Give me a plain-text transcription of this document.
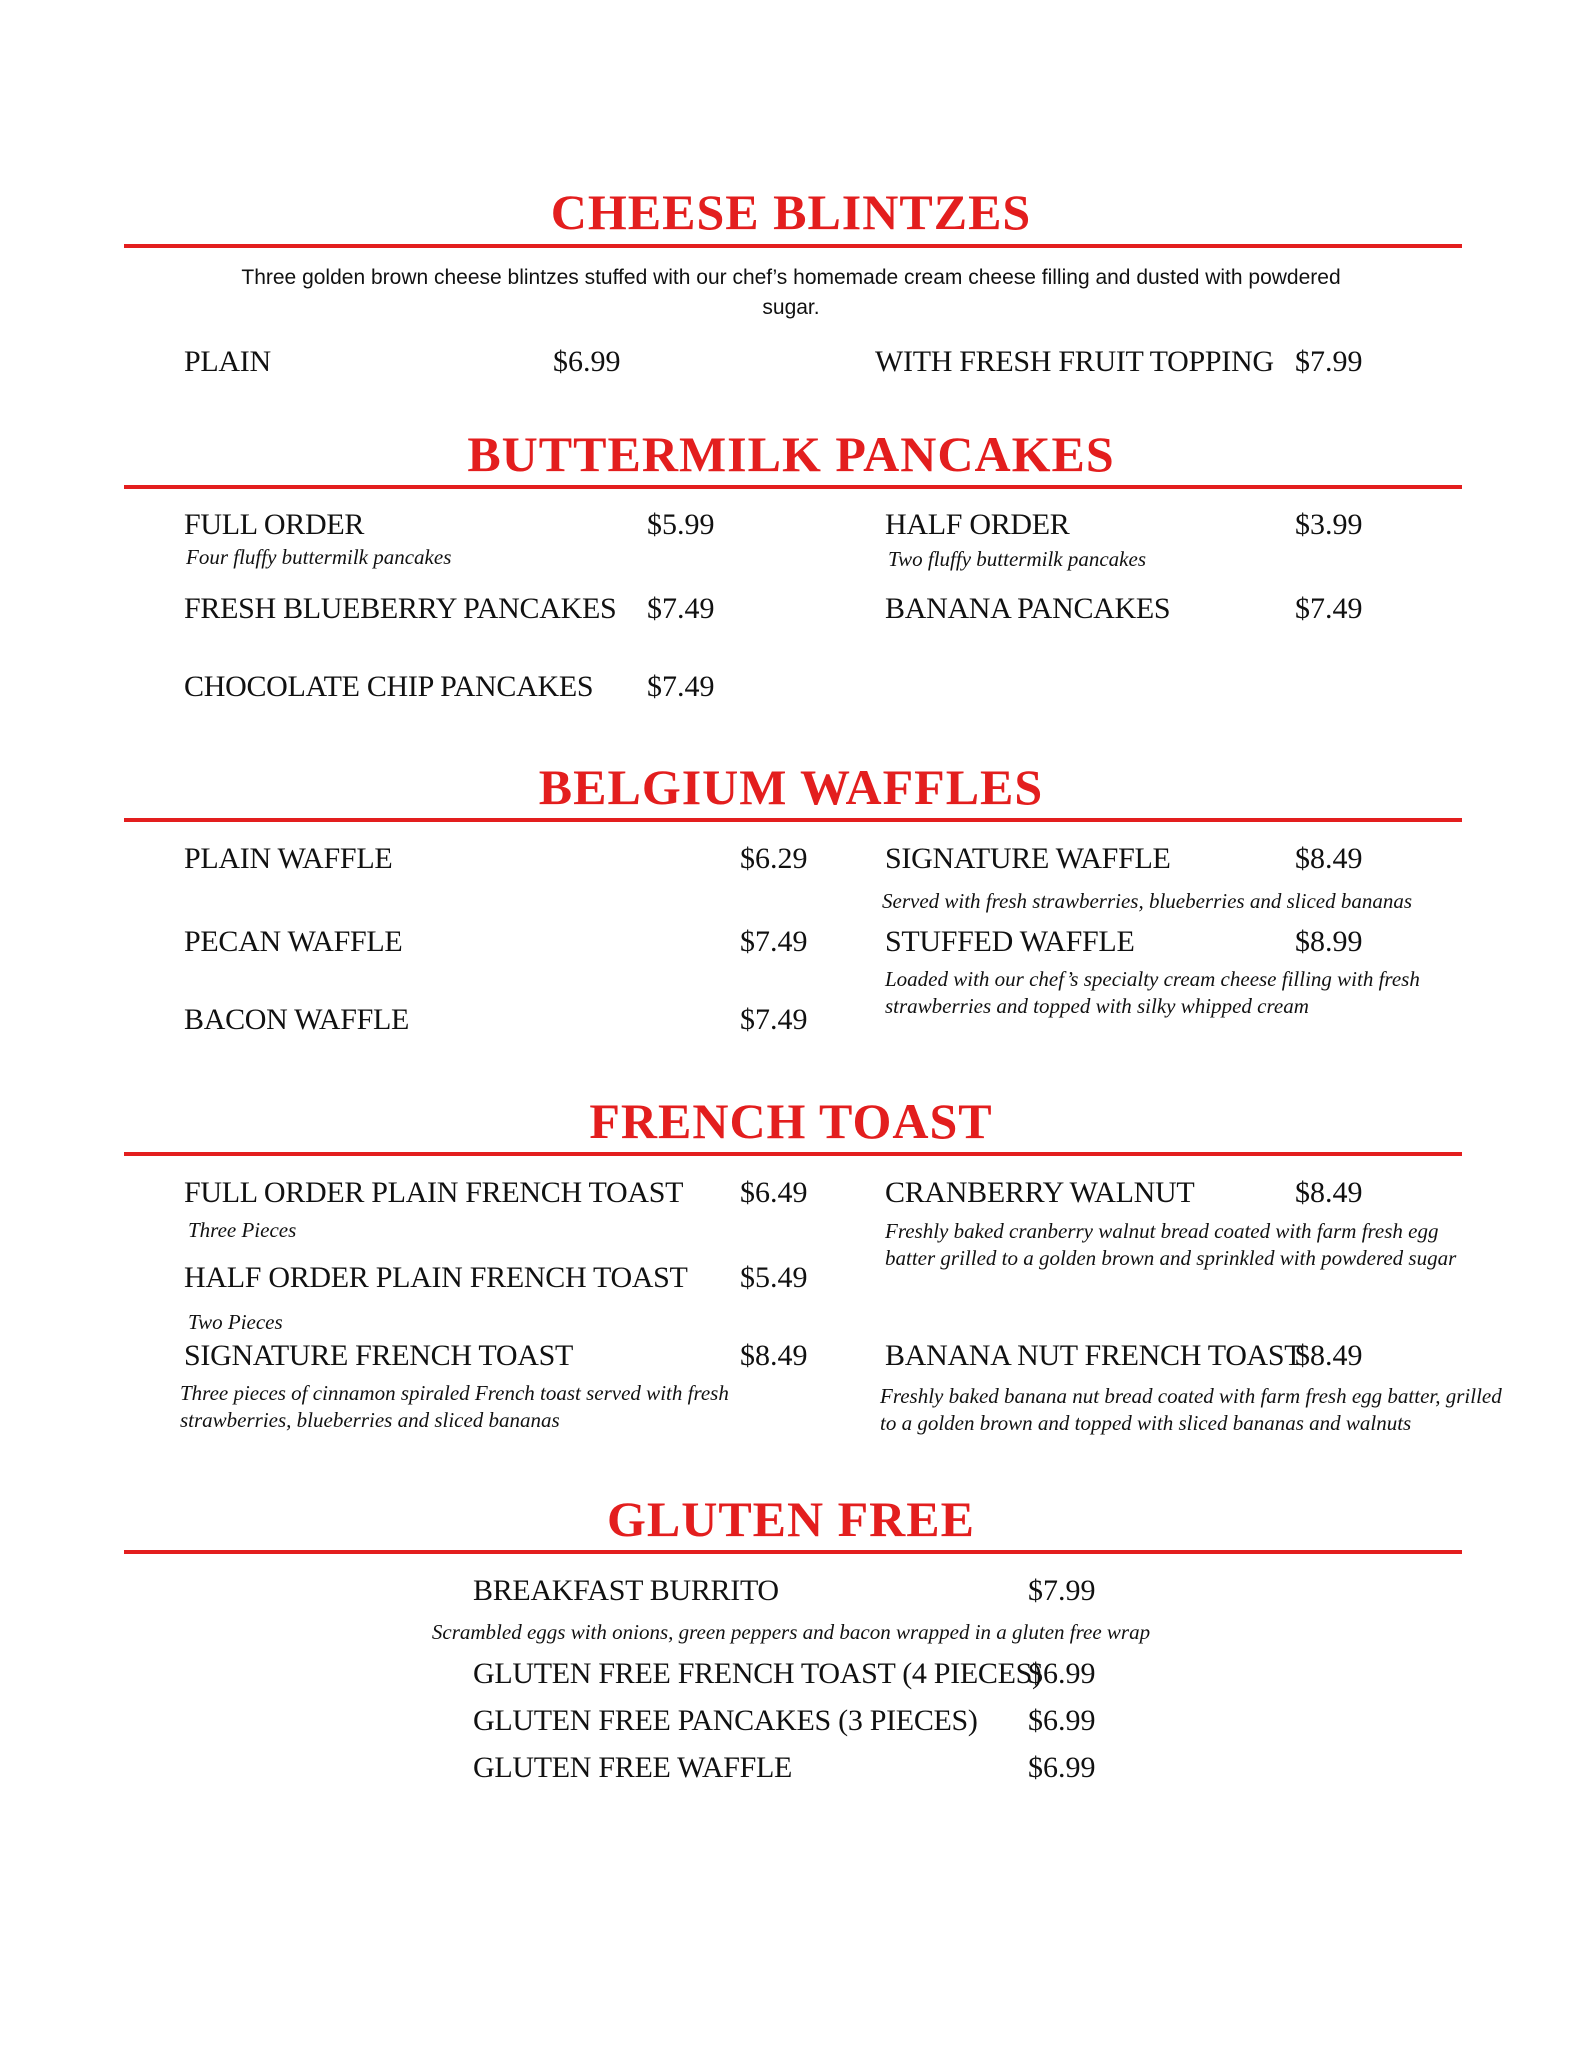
CHEESE BLINTZES
Three golden brown cheese blintzes stuffed with our chef’s homemade cream cheese filling and dusted with powdered sugar.
PLAIN	$6.99	WITH FRESH FRUIT TOPPING $7.99
BUTTERMILK PANCAKES
FULL ORDER	$5.99
Four fluffy buttermilk pancakes
HALF ORDER	$3.99
Two fluffy buttermilk pancakes
FRESH BLUEBERRY PANCAKES $7.49	BANANA PANCAKES	$7.49
CHOCOLATE CHIP PANCAKES $7.49
BELGIUM WAFFLES
PLAIN WAFFLE	$6.29	SIGNATURE WAFFLE	$8.49
Served with fresh strawberries, blueberries and sliced bananas
PECAN WAFFLE	$7.49	STUFFED WAFFLE	$8.99
Loaded with our chef’s specialty cream cheese filling with fresh strawberries and topped with silky whipped cream
BACON WAFFLE	$7.49
FRENCH TOAST
FULL ORDER PLAIN FRENCH TOAST $6.49
Three Pieces
CRANBERRY WALNUT	$8.49
Freshly baked cranberry walnut bread coated with farm fresh egg batter grilled to a golden brown and sprinkled with powdered sugar
HALF ORDER PLAIN FRENCH TOAST $5.49
Two Pieces
SIGNATURE FRENCH TOAST	$8.49
Three pieces of cinnamon spiraled French toast served with fresh strawberries, blueberries and sliced bananas
BANANA NUT FRENCH TOAST
$8.49
Freshly baked banana nut bread coated with farm fresh egg batter, grilled to a golden brown and topped with sliced bananas and walnuts
GLUTEN FREE
BREAKFAST BURRITO	$7.99
Scrambled eggs with onions, green peppers and bacon wrapped in a gluten free wrap
GLUTEN FREE FRENCH TOAST (4 PIECES)
$6.99
GLUTEN FREE PANCAKES (3 PIECES) $6.99
GLUTEN FREE WAFFLE	$6.99
